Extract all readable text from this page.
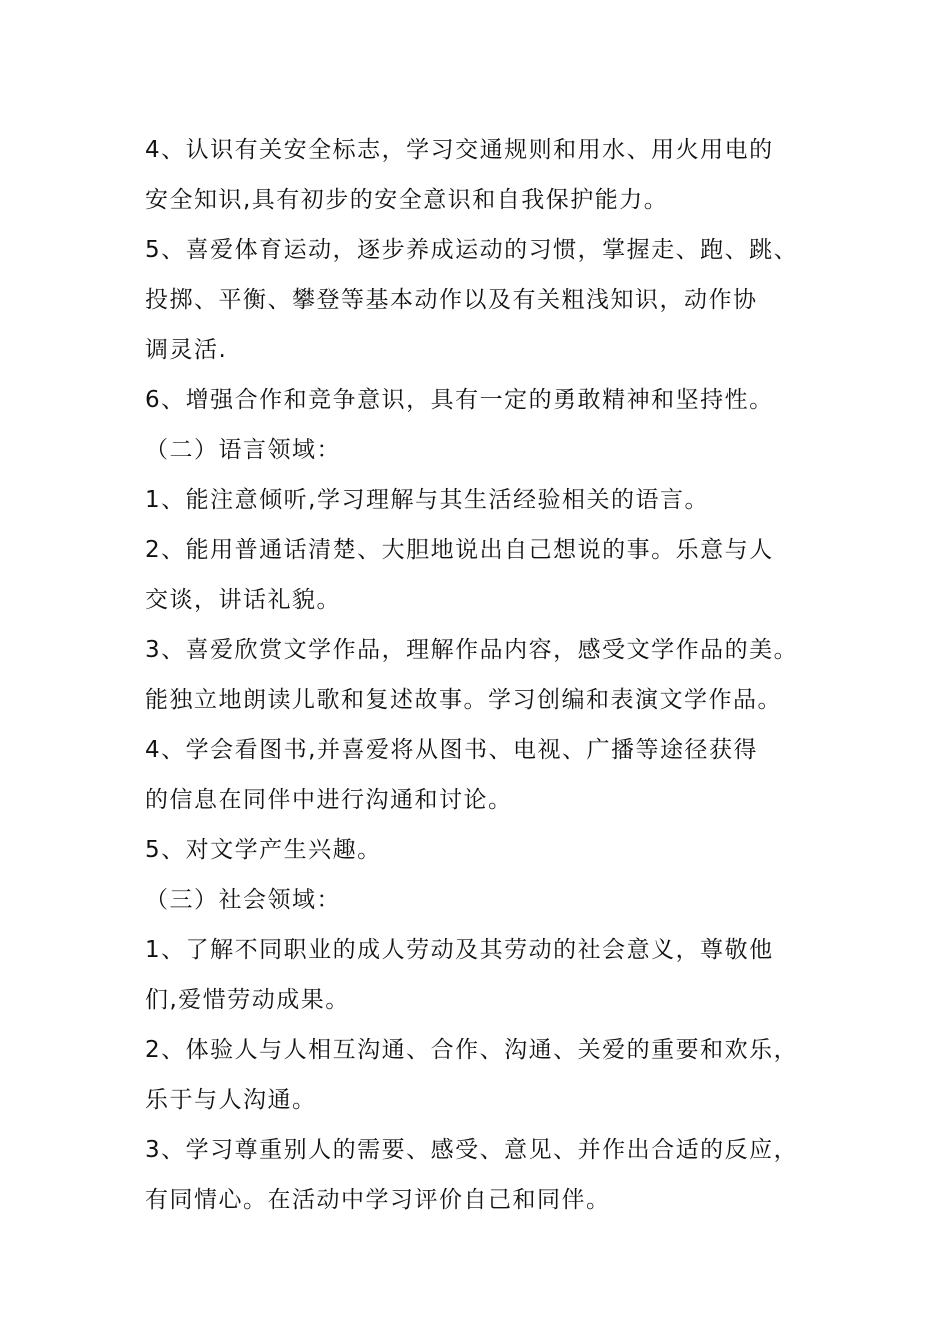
4、认识有关安全标志，学习交通规则和用水、用火用电的
安全知识,具有初步的安全意识和自我保护能力。
5、喜爱体育运动，逐步养成运动的习惯，掌握走、跑、跳、
投掷、平衡、攀登等基本动作以及有关粗浅知识，动作协
调灵活.
6、增强合作和竞争意识，具有一定的勇敢精神和坚持性。
（二）语言领域：
1、能注意倾听,学习理解与其生活经验相关的语言。
2、能用普通话清楚、大胆地说出自己想说的事。乐意与人
交谈，讲话礼貌。
3、喜爱欣赏文学作品，理解作品内容，感受文学作品的美。
能独立地朗读儿歌和复述故事。学习创编和表演文学作品。
4、学会看图书,并喜爱将从图书、电视、广播等途径获得
的信息在同伴中进行沟通和讨论。
5、对文学产生兴趣。
（三）社会领域：
1、了解不同职业的成人劳动及其劳动的社会意义，尊敬他
们,爱惜劳动成果。
2、体验人与人相互沟通、合作、沟通、关爱的重要和欢乐，
乐于与人沟通。
3、学习尊重别人的需要、感受、意见、并作出合适的反应，
有同情心。在活动中学习评价自己和同伴。
